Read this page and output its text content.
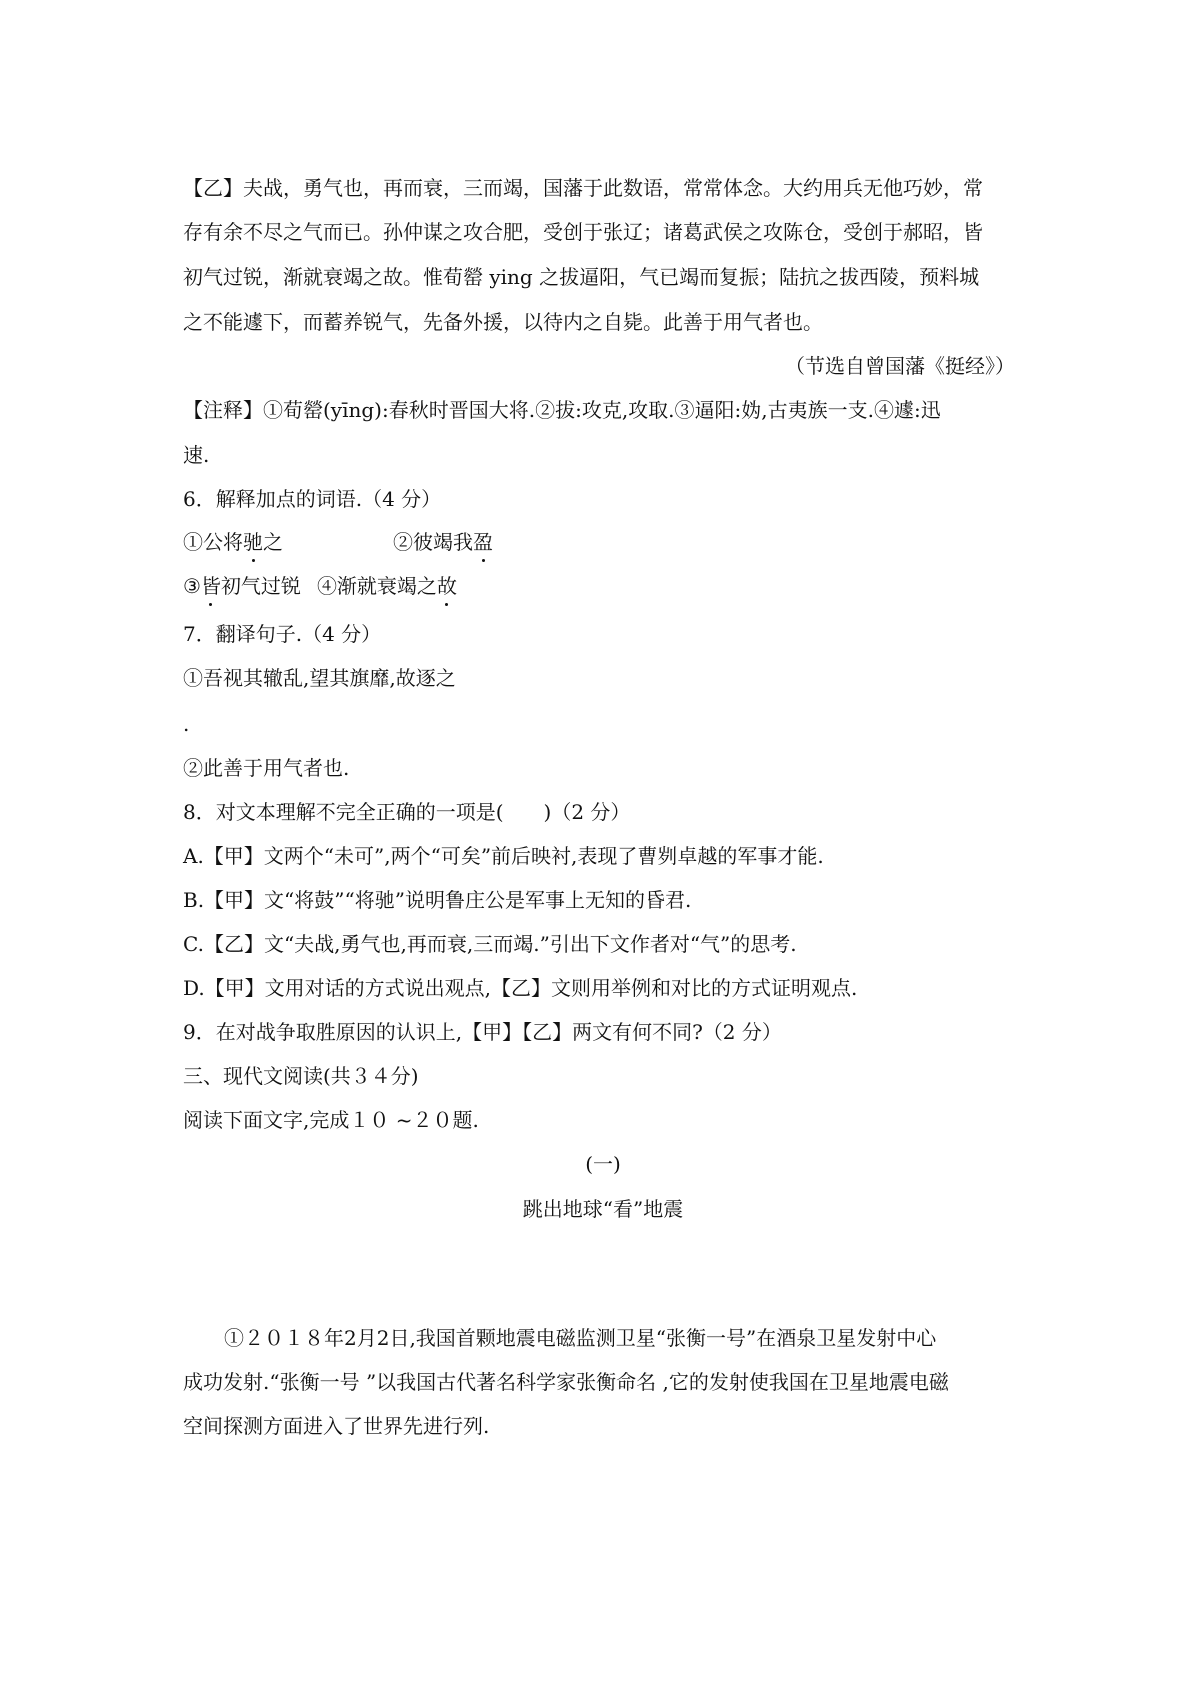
【乙】夫战，勇气也，再而衰，三而竭，国藩于此数语，常常体念。大约用兵无他巧妙，常
存有余不尽之气而已。孙仲谋之攻合肥，受创于张辽；诸葛武侯之攻陈仓，受创于郝昭，皆
初气过锐，渐就衰竭之故。惟荀罃 ying 之拔逼阳，气已竭而复振；陆抗之拔西陵，预料城
之不能遽下，而蓄养锐气，先备外援，以待内之自毙。此善于用气者也。
（节选自曾国藩《挺经》）
【注释】①荀罃(yīng):春秋时晋国大将.②拔:攻克,攻取.③逼阳:妫,古夷族一支.④遽:迅
速.
6．解释加点的词语.（4 分）
①公将驰之	②彼竭我盈
③皆初气过锐 ④渐就衰竭之故
7．翻译句子.（4 分）
①吾视其辙乱,望其旗靡,故逐之
.
②此善于用气者也.
8．对文本理解不完全正确的一项是(　　)（2 分）
A.【甲】文两个“未可”,两个“可矣”前后映衬,表现了曹刿卓越的军事才能.
B.【甲】文“将鼓”“将驰”说明鲁庄公是军事上无知的昏君.
C.【乙】文“夫战,勇气也,再而衰,三而竭.”引出下文作者对“气”的思考.
D.【甲】文用对话的方式说出观点,【乙】文则用举例和对比的方式证明观点.
9．在对战争取胜原因的认识上,【甲】【乙】两文有何不同?（2 分）
三、现代文阅读(共３４分)
阅读下面文字,完成１０ ~２０题.
(一)
跳出地球“看”地震
①２０１８年2月2日,我国首颗地震电磁监测卫星“张衡一号”在酒泉卫星发射中心
成功发射.“张衡一号 ”以我国古代著名科学家张衡命名 ,它的发射使我国在卫星地震电磁
空间探测方面进入了世界先进行列.
